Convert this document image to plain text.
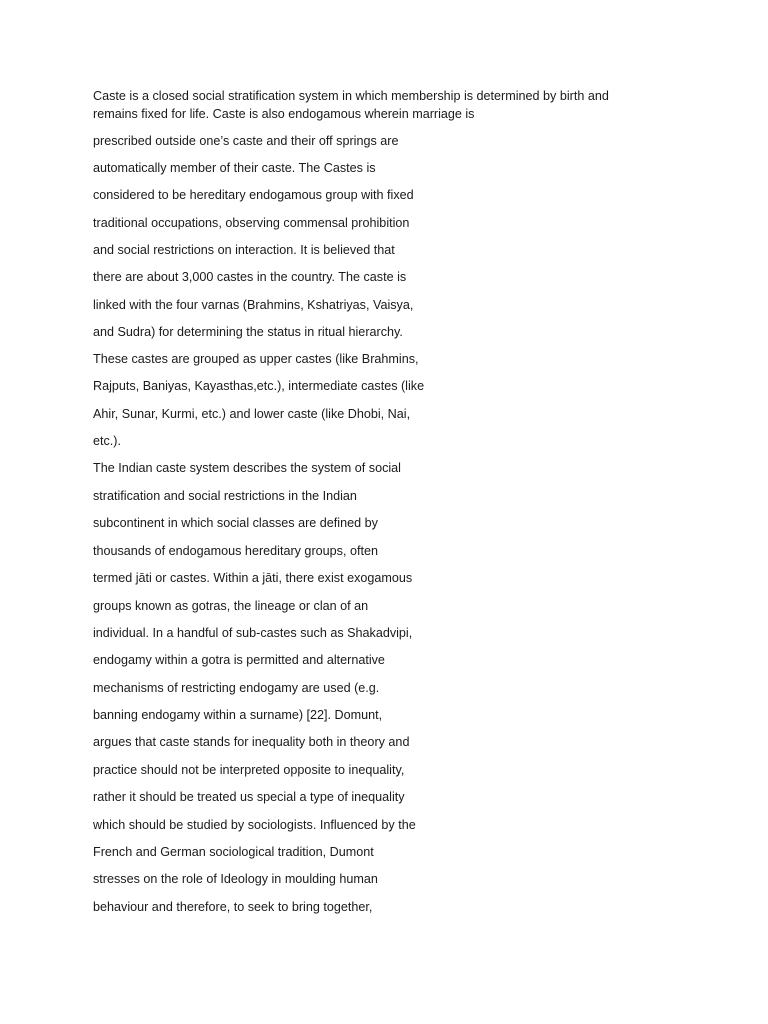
Caste is a closed social stratification system in which membership is determined by birth and
remains fixed for life. Caste is also endogamous wherein marriage is
prescribed outside one’s caste and their off springs are
automatically member of their caste. The Castes is
considered to be hereditary endogamous group with fixed
traditional occupations, observing commensal prohibition
and social restrictions on interaction. It is believed that
there are about 3,000 castes in the country. The caste is
linked with the four varnas (Brahmins, Kshatriyas, Vaisya,
and Sudra) for determining the status in ritual hierarchy.
These castes are grouped as upper castes (like Brahmins,
Rajputs, Baniyas, Kayasthas,etc.), intermediate castes (like
Ahir, Sunar, Kurmi, etc.) and lower caste (like Dhobi, Nai,
etc.).
The Indian caste system describes the system of social
stratification and social restrictions in the Indian
subcontinent in which social classes are defined by
thousands of endogamous hereditary groups, often
termed jāti or castes. Within a jāti, there exist exogamous
groups known as gotras, the lineage or clan of an
individual. In a handful of sub-castes such as Shakadvipi,
endogamy within a gotra is permitted and alternative
mechanisms of restricting endogamy are used (e.g.
banning endogamy within a surname) [22]. Domunt,
argues that caste stands for inequality both in theory and
practice should not be interpreted opposite to inequality,
rather it should be treated us special a type of inequality
which should be studied by sociologists. Influenced by the
French and German sociological tradition, Dumont
stresses on the role of Ideology in moulding human
behaviour and therefore, to seek to bring together,
